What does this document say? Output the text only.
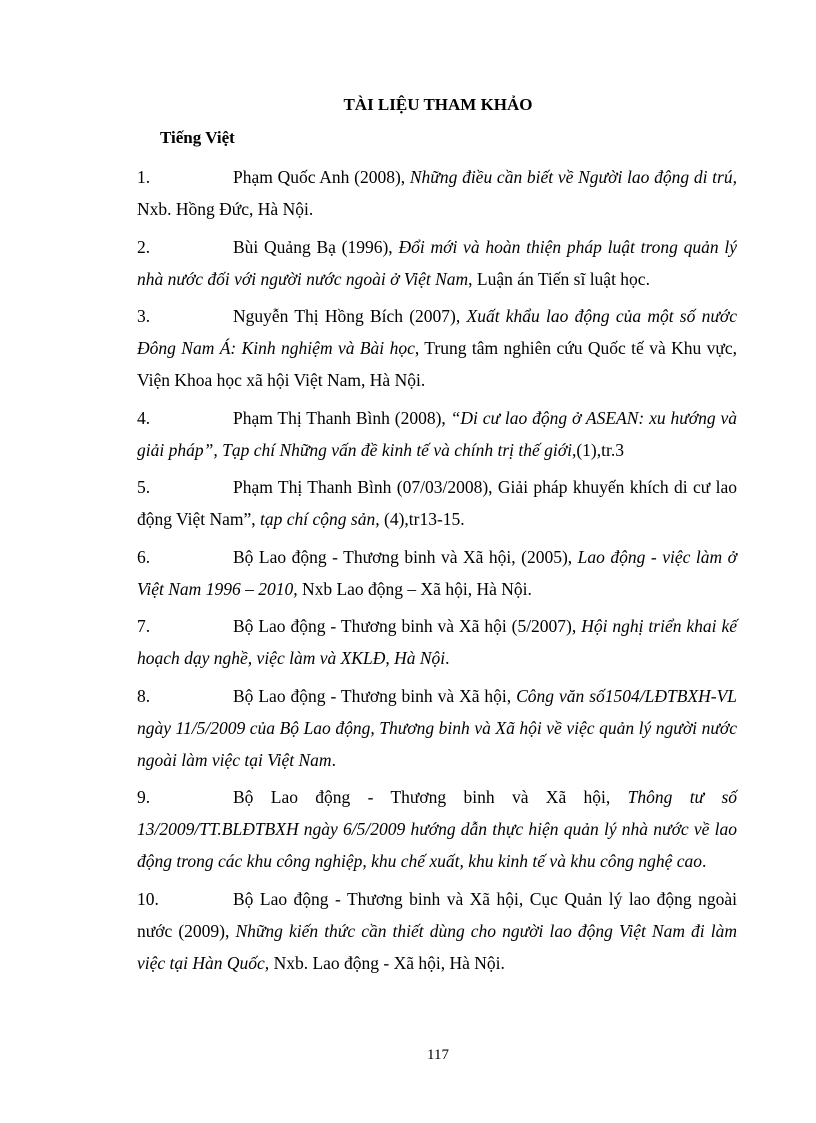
TÀI LIỆU THAM KHẢO
Tiếng Việt

1.	Phạm Quốc Anh (2008), Những điều cần biết về Người lao động di trú, Nxb. Hồng Đức, Hà Nội.

2.	Bùi Quảng Bạ (1996), Đổi mới và hoàn thiện pháp luật trong quản lý nhà nước đối với người nước ngoài ở Việt Nam, Luận án Tiến sĩ luật học.

3.	Nguyễn Thị Hồng Bích (2007), Xuất khẩu lao động của một số nước Đông Nam Á: Kinh nghiệm và Bài học, Trung tâm nghiên cứu Quốc tế và Khu vực, Viện Khoa học xã hội Việt Nam, Hà Nội.

4.	Phạm Thị Thanh Bình (2008), “Di cư lao động ở ASEAN: xu hướng và giải pháp”, Tạp chí Những vấn đề kinh tế và chính trị thế giới,(1),tr.3

5.	Phạm Thị Thanh Bình (07/03/2008), Giải pháp khuyến khích di cư lao động Việt Nam”, tạp chí cộng sản, (4),tr13-15.

6.	Bộ Lao động - Thương binh và Xã hội, (2005), Lao động - việc làm ở Việt Nam 1996 – 2010, Nxb Lao động – Xã hội, Hà Nội.

7.	Bộ Lao động - Thương binh và Xã hội (5/2007), Hội nghị triển khai kế hoạch dạy nghề, việc làm và XKLĐ, Hà Nội.

8.	Bộ Lao động - Thương binh và Xã hội, Công văn số1504/LĐTBXH-VL ngày 11/5/2009 của Bộ Lao động, Thương binh và Xã hội về việc quản lý người nước ngoài làm việc tại Việt Nam.

9.	Bộ Lao động - Thương binh và Xã hội, Thông tư số 13/2009/TT.BLĐTBXH ngày 6/5/2009 hướng dẫn thực hiện quản lý nhà nước về lao động trong các khu công nghiệp, khu chế xuất, khu kinh tế và khu công nghệ cao.

10.	Bộ Lao động - Thương binh và Xã hội, Cục Quản lý lao động ngoài nước (2009), Những kiến thức cần thiết dùng cho người lao động Việt Nam đi làm việc tại Hàn Quốc, Nxb. Lao động - Xã hội, Hà Nội.

117
